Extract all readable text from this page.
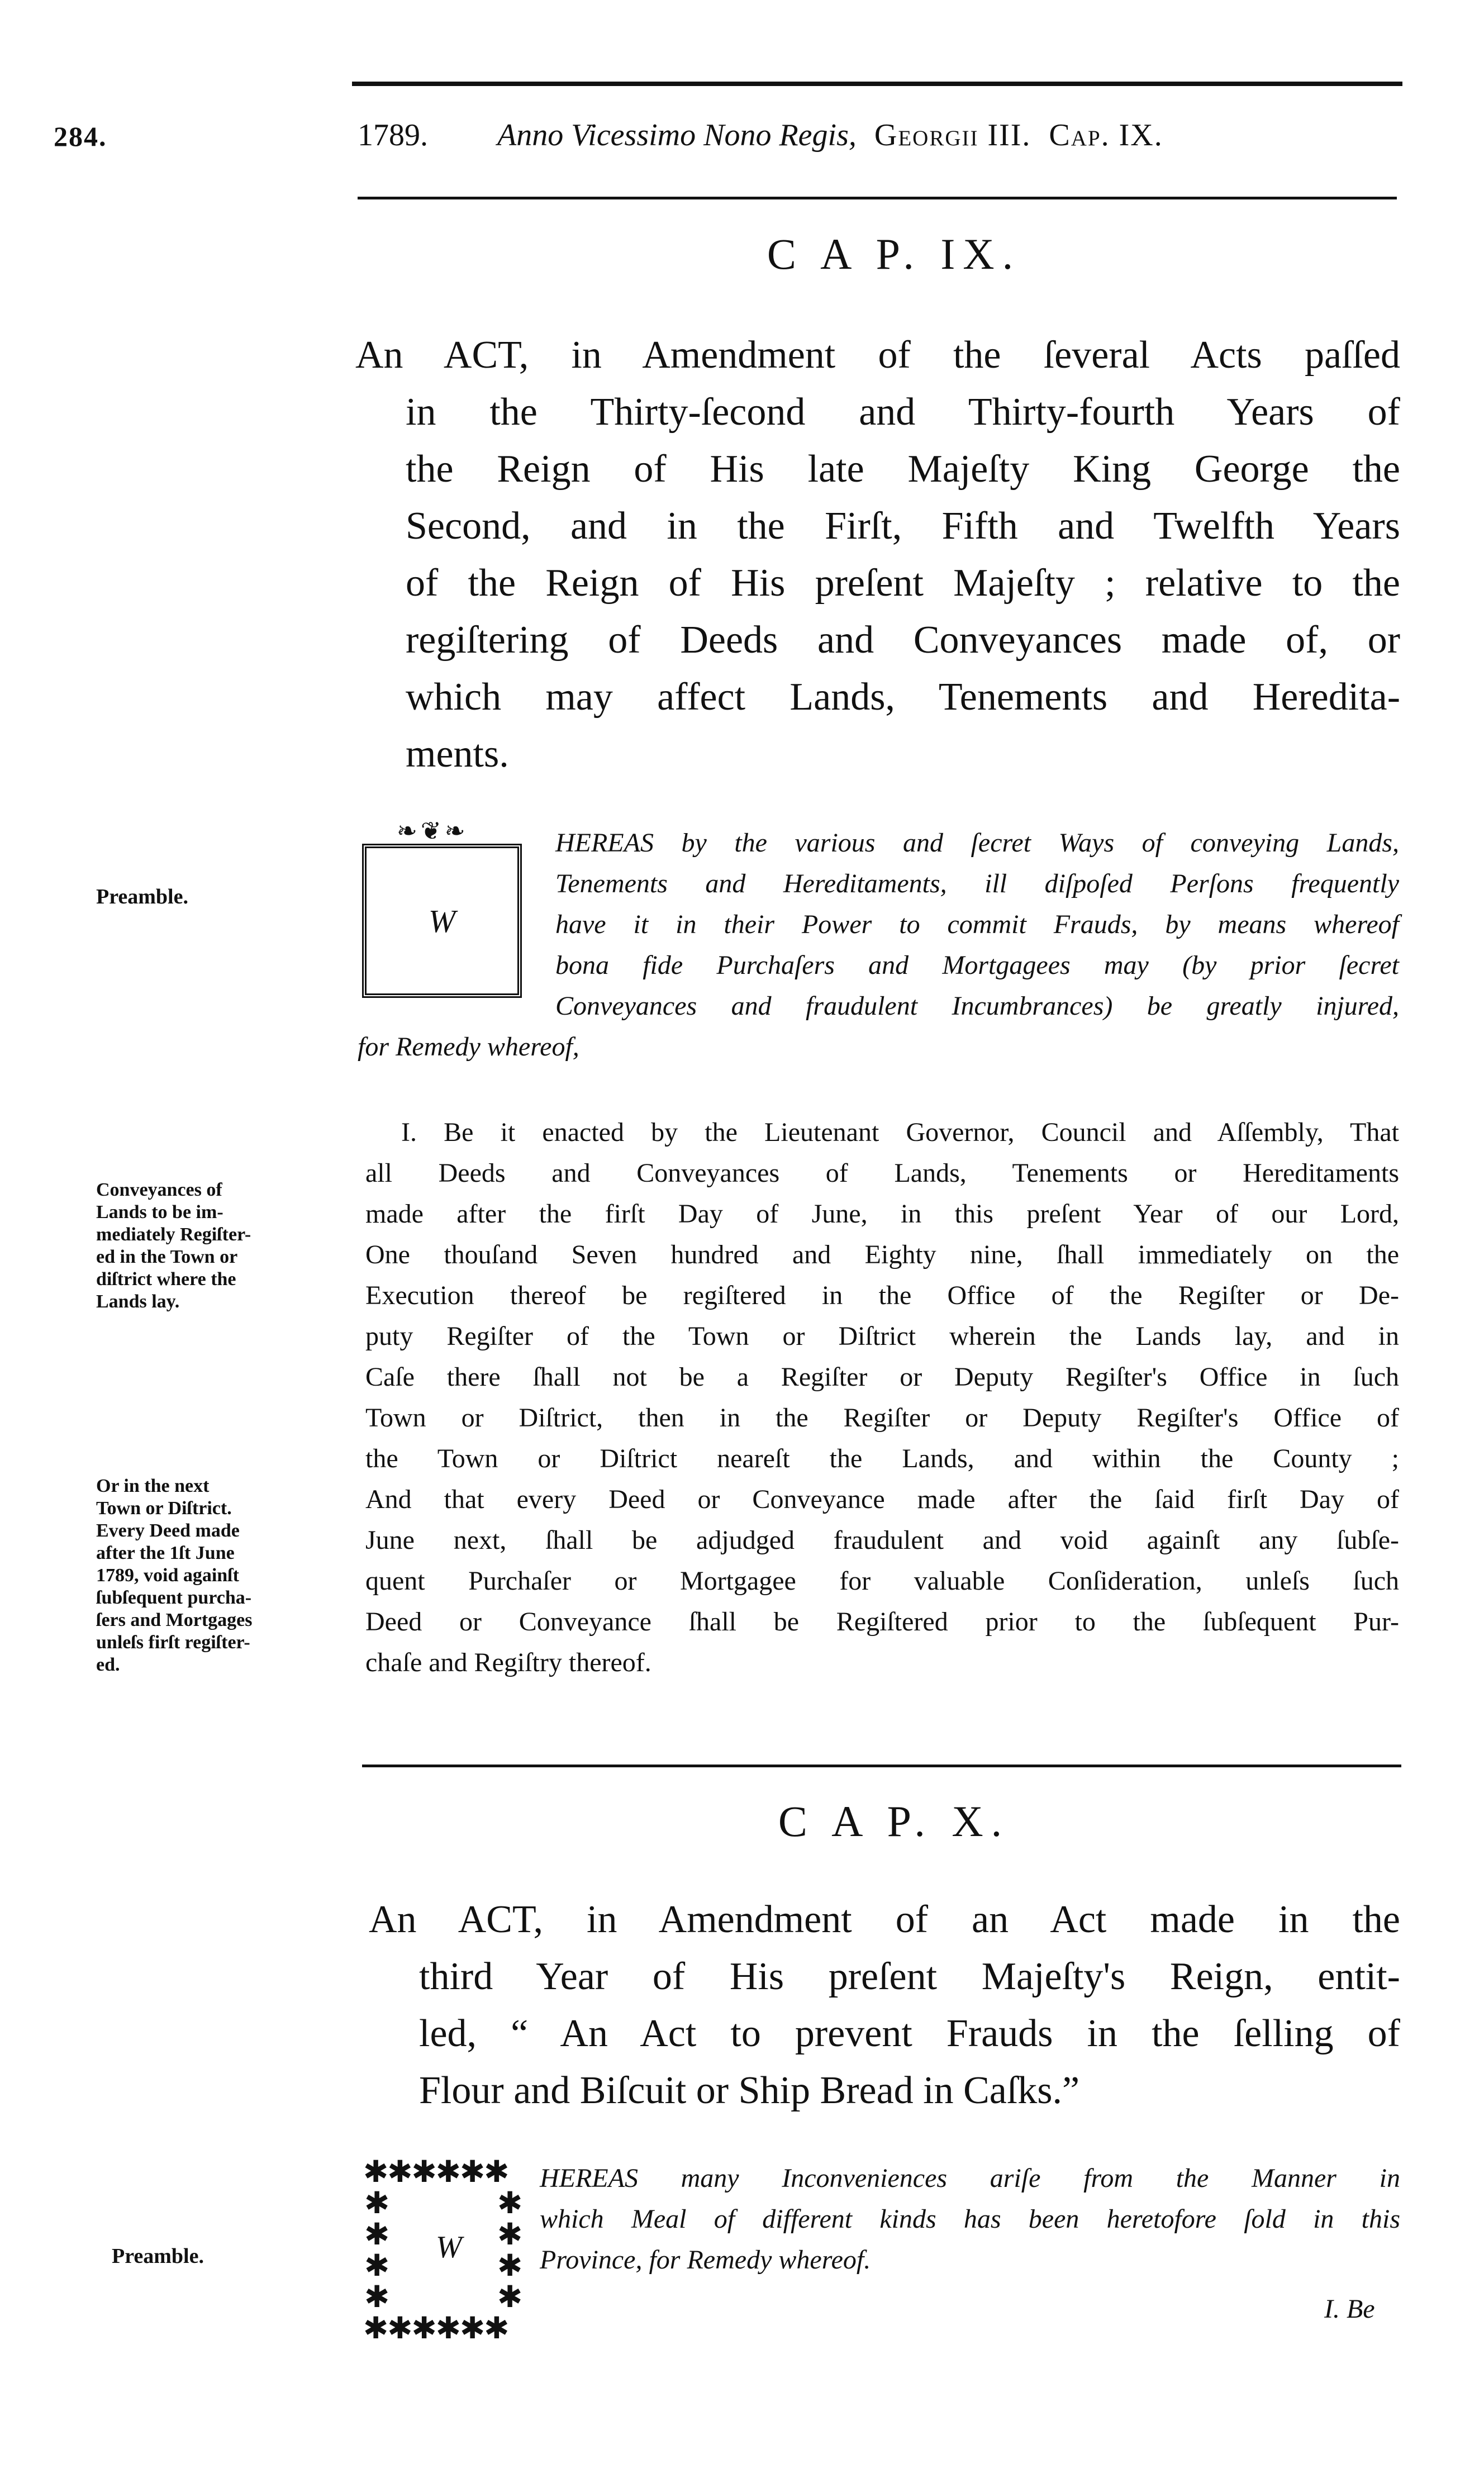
284.	1789. Anno Vicessimo Nono Regis, Georgii III. Cap. IX.
C A P. IX.
An ACT, in Amendment of the ſeveral Acts paſſed
in the Thirty-ſecond and Thirty-fourth Years of
the Reign of His late Majeſty King George the
Second, and in the Firſt, Fifth and Twelfth Years
of the Reign of His preſent Majeſty ; relative to the
regiſtering of Deeds and Conveyances made of, or
which may affect Lands, Tenements and Heredita-
ments.
Preamble.
❧❦❧
W
HEREAS by the various and ſecret Ways of conveying Lands,
Tenements and Hereditaments, ill diſpoſed Perſons frequently
have it in their Power to commit Frauds, by means whereof
bona fide Purchaſers and Mortgagees may (by prior ſecret
Conveyances and fraudulent Incumbrances) be greatly injured,
for Remedy whereof,
Conveyances of
Lands to be im-
mediately Regiſter-
ed in the Town or
diſtrict where the
Lands lay.
Or in the next
Town or Diſtrict.
Every Deed made
after the 1ſt June
1789, void againſt
ſubſequent purcha-
ſers and Mortgages
unleſs firſt regiſter-
ed.
I. Be it enacted by the Lieutenant Governor, Council and Aſſembly, That
all Deeds and Conveyances of Lands, Tenements or Hereditaments
made after the firſt Day of June, in this preſent Year of our Lord,
One thouſand Seven hundred and Eighty nine, ſhall immediately on the
Execution thereof be regiſtered in the Office of the Regiſter or De-
puty Regiſter of the Town or Diſtrict wherein the Lands lay, and in
Caſe there ſhall not be a Regiſter or Deputy Regiſter's Office in ſuch
Town or Diſtrict, then in the Regiſter or Deputy Regiſter's Office of
the Town or Diſtrict neareſt the Lands, and within the County ;
And that every Deed or Conveyance made after the ſaid firſt Day of
June next, ſhall be adjudged fraudulent and void againſt any ſubſe-
quent Purchaſer or Mortgagee for valuable Conſideration, unleſs ſuch
Deed or Conveyance ſhall be Regiſtered prior to the ſubſequent Pur-
chaſe and Regiſtry thereof.
C A P. X.
An ACT, in Amendment of an Act made in the
third Year of His preſent Majeſty's Reign, entit-
led, “ An Act to prevent Frauds in the ſelling of
Flour and Biſcuit or Ship Bread in Caſks.”
Preamble.
✱✱✱✱✱✱
✱✱✱✱✱✱
✱
✱
✱
✱
✱
✱
✱
✱
W
HEREAS many Inconveniences ariſe from the Manner in
which Meal of different kinds has been heretofore ſold in this
Province, for Remedy whereof.
I. Be
